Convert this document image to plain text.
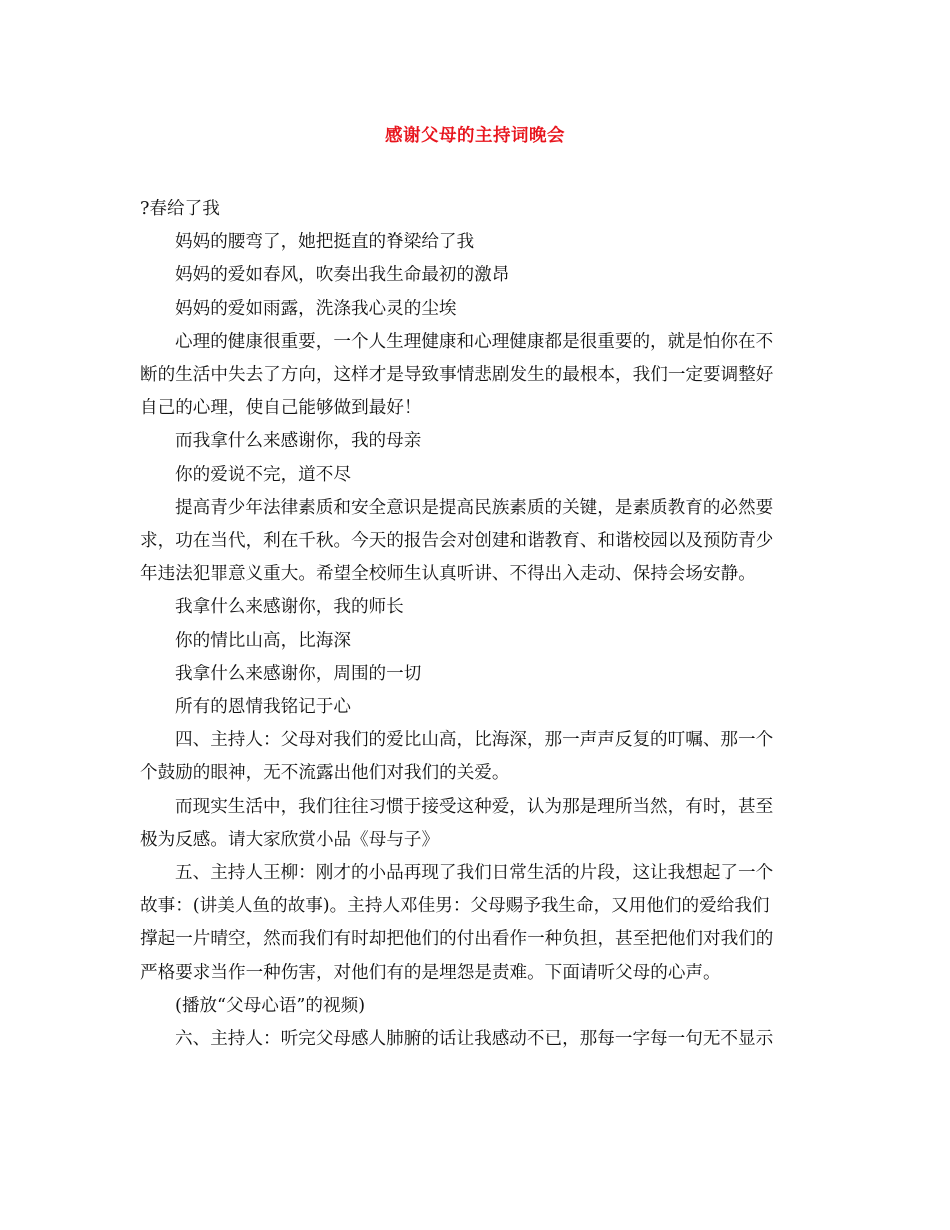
感谢父母的主持词晚会
?春给了我
妈妈的腰弯了，她把挺直的脊梁给了我
妈妈的爱如春风，吹奏出我生命最初的激昂
妈妈的爱如雨露，洗涤我心灵的尘埃
心理的健康很重要，一个人生理健康和心理健康都是很重要的，就是怕你在不
断的生活中失去了方向，这样才是导致事情悲剧发生的最根本，我们一定要调整好
自己的心理，使自己能够做到最好！
而我拿什么来感谢你，我的母亲
你的爱说不完，道不尽
提高青少年法律素质和安全意识是提高民族素质的关键，是素质教育的必然要
求，功在当代，利在千秋。今天的报告会对创建和谐教育、和谐校园以及预防青少
年违法犯罪意义重大。希望全校师生认真听讲、不得出入走动、保持会场安静。
我拿什么来感谢你，我的师长
你的情比山高，比海深
我拿什么来感谢你，周围的一切
所有的恩情我铭记于心
四、主持人：父母对我们的爱比山高，比海深，那一声声反复的叮嘱、那一个
个鼓励的眼神，无不流露出他们对我们的关爱。
而现实生活中，我们往往习惯于接受这种爱，认为那是理所当然，有时，甚至
极为反感。请大家欣赏小品《母与子》
五、主持人王柳：刚才的小品再现了我们日常生活的片段，这让我想起了一个
故事：(讲美人鱼的故事)。主持人邓佳男：父母赐予我生命，又用他们的爱给我们
撑起一片晴空，然而我们有时却把他们的付出看作一种负担，甚至把他们对我们的
严格要求当作一种伤害，对他们有的是埋怨是责难。下面请听父母的心声。
(播放“父母心语”的视频)
六、主持人：听完父母感人肺腑的话让我感动不已，那每一字每一句无不显示
